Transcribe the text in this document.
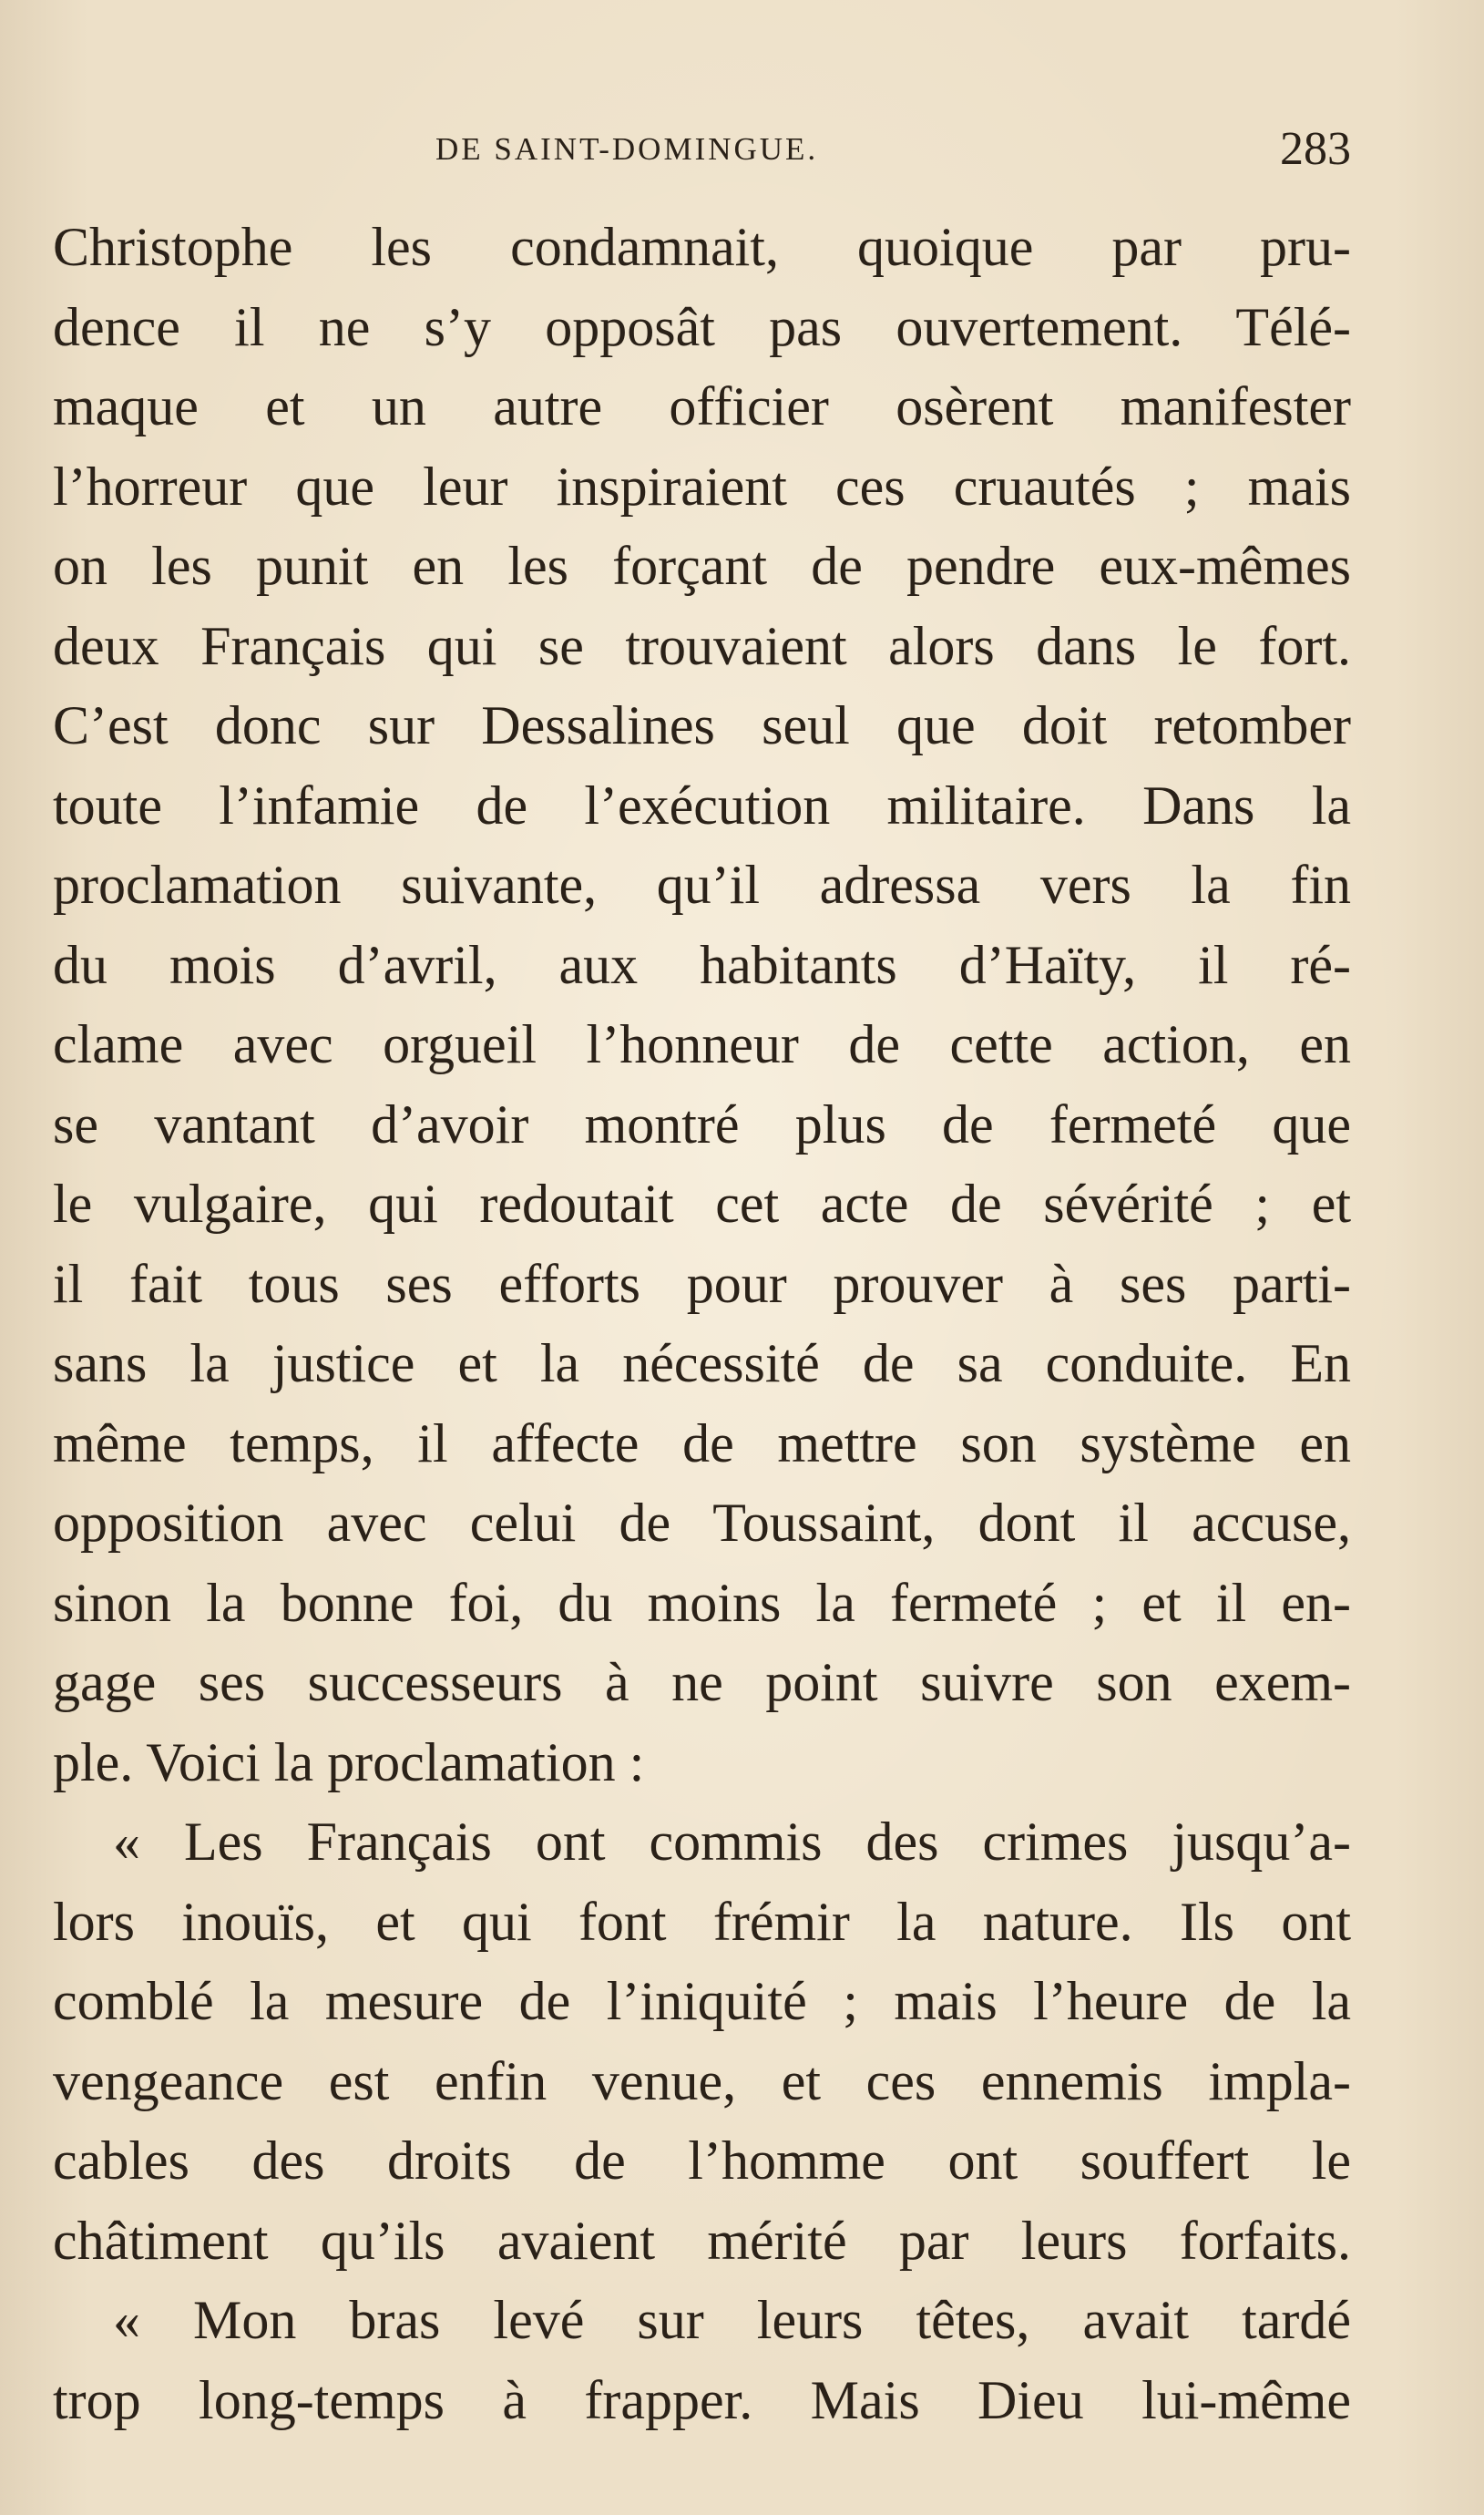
DE SAINT-DOMINGUE.	283
Christophe les condamnait, quoique par pru-
dence il ne s’y opposât pas ouvertement. Télé-
maque et un autre officier osèrent manifester
l’horreur que leur inspiraient ces cruautés ; mais
on les punit en les forçant de pendre eux-mêmes
deux Français qui se trouvaient alors dans le fort.
C’est donc sur Dessalines seul que doit retomber
toute l’infamie de l’exécution militaire. Dans la
proclamation suivante, qu’il adressa vers la fin
du mois d’avril, aux habitants d’Haïty, il ré-
clame avec orgueil l’honneur de cette action, en
se vantant d’avoir montré plus de fermeté que
le vulgaire, qui redoutait cet acte de sévérité ; et
il fait tous ses efforts pour prouver à ses parti-
sans la justice et la nécessité de sa conduite. En
même temps, il affecte de mettre son système en
opposition avec celui de Toussaint, dont il accuse,
sinon la bonne foi, du moins la fermeté ; et il en-
gage ses successeurs à ne point suivre son exem-
ple. Voici la proclamation :
« Les Français ont commis des crimes jusqu’a-
lors inouïs, et qui font frémir la nature. Ils ont
comblé la mesure de l’iniquité ; mais l’heure de la
vengeance est enfin venue, et ces ennemis impla-
cables des droits de l’homme ont souffert le
châtiment qu’ils avaient mérité par leurs forfaits.
« Mon bras levé sur leurs têtes, avait tardé
trop long-temps à frapper. Mais Dieu lui-même
